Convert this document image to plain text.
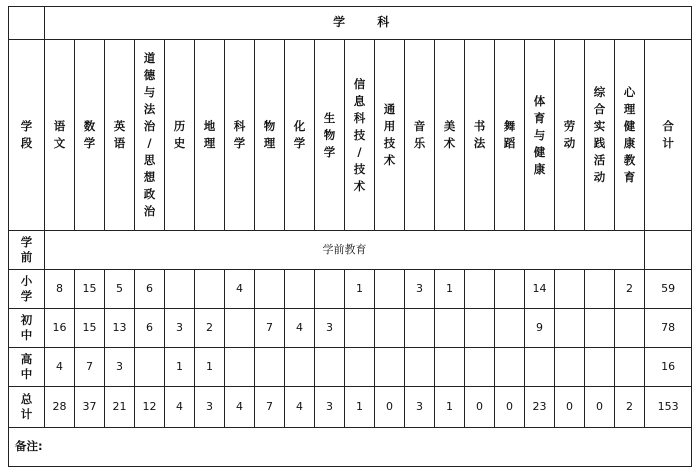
	学 科																				
学段	语文	数学	英语	道德与法治/思想政治	历史	地理	科学	物理	化学	生物学	信息科技/技术	通用技术	音乐	美术	书法	舞蹈	体育与健康	劳动	综合实践活动	心理健康教育	合计
学前	学前教育																				
小学	8	15	5	6			4				1		3	1			14			2	59
初中	16	15	13	6	3	2		7	4	3							9				78
高中	4	7	3		1	1															16
总计	28	37	21	12	4	3	4	7	4	3	1	0	3	1	0	0	23	0	0	2	153
备注:																					
